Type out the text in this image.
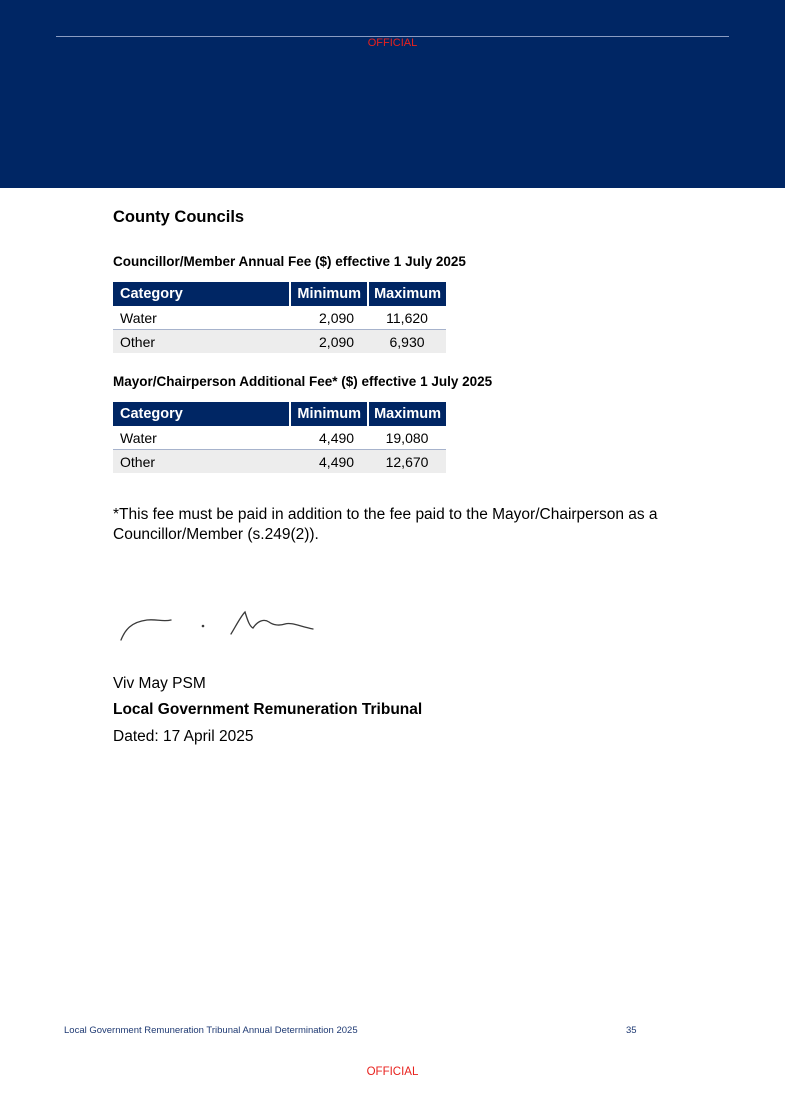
OFFICIAL
County Councils
Councillor/Member Annual Fee ($) effective 1 July 2025
Category	Minimum	Maximum
Water	2,090	11,620
Other	2,090	6,930
Mayor/Chairperson Additional Fee* ($) effective 1 July 2025
Category	Minimum	Maximum
Water	4,490	19,080
Other	4,490	12,670
*This fee must be paid in addition to the fee paid to the Mayor/Chairperson as a Councillor/Member (s.249(2)).
Viv May PSM
Local Government Remuneration Tribunal
Dated: 17 April 2025
Local Government Remuneration Tribunal Annual Determination 2025	35
OFFICIAL
